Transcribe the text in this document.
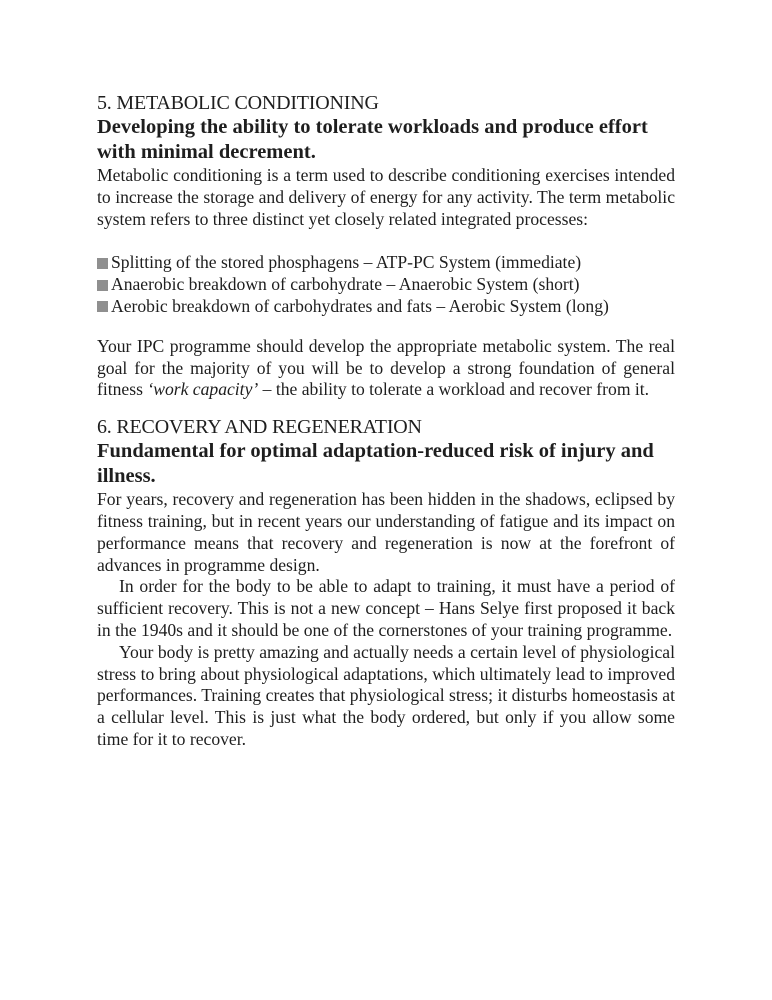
5. METABOLIC CONDITIONING
Developing the ability to tolerate workloads and produce effort with minimal decrement.

Metabolic conditioning is a term used to describe conditioning exercises intended to increase the storage and delivery of energy for any activity. The term metabolic system refers to three distinct yet closely related integrated processes:

Splitting of the stored phosphagens – ATP-PC System (immediate)
Anaerobic breakdown of carbohydrate – Anaerobic System (short)
Aerobic breakdown of carbohydrates and fats – Aerobic System (long)

Your IPC programme should develop the appropriate metabolic system. The real goal for the majority of you will be to develop a strong foundation of general fitness ‘work capacity’ – the ability to tolerate a workload and recover from it.

6. RECOVERY AND REGENERATION
Fundamental for optimal adaptation-reduced risk of injury and illness.

For years, recovery and regeneration has been hidden in the shadows, eclipsed by fitness training, but in recent years our understanding of fatigue and its impact on performance means that recovery and regeneration is now at the forefront of advances in programme design.

In order for the body to be able to adapt to training, it must have a period of sufficient recovery. This is not a new concept – Hans Selye first proposed it back in the 1940s and it should be one of the cornerstones of your training programme.

Your body is pretty amazing and actually needs a certain level of physiological stress to bring about physiological adaptations, which ultimately lead to improved performances. Training creates that physiological stress; it disturbs homeostasis at a cellular level. This is just what the body ordered, but only if you allow some time for it to recover.
